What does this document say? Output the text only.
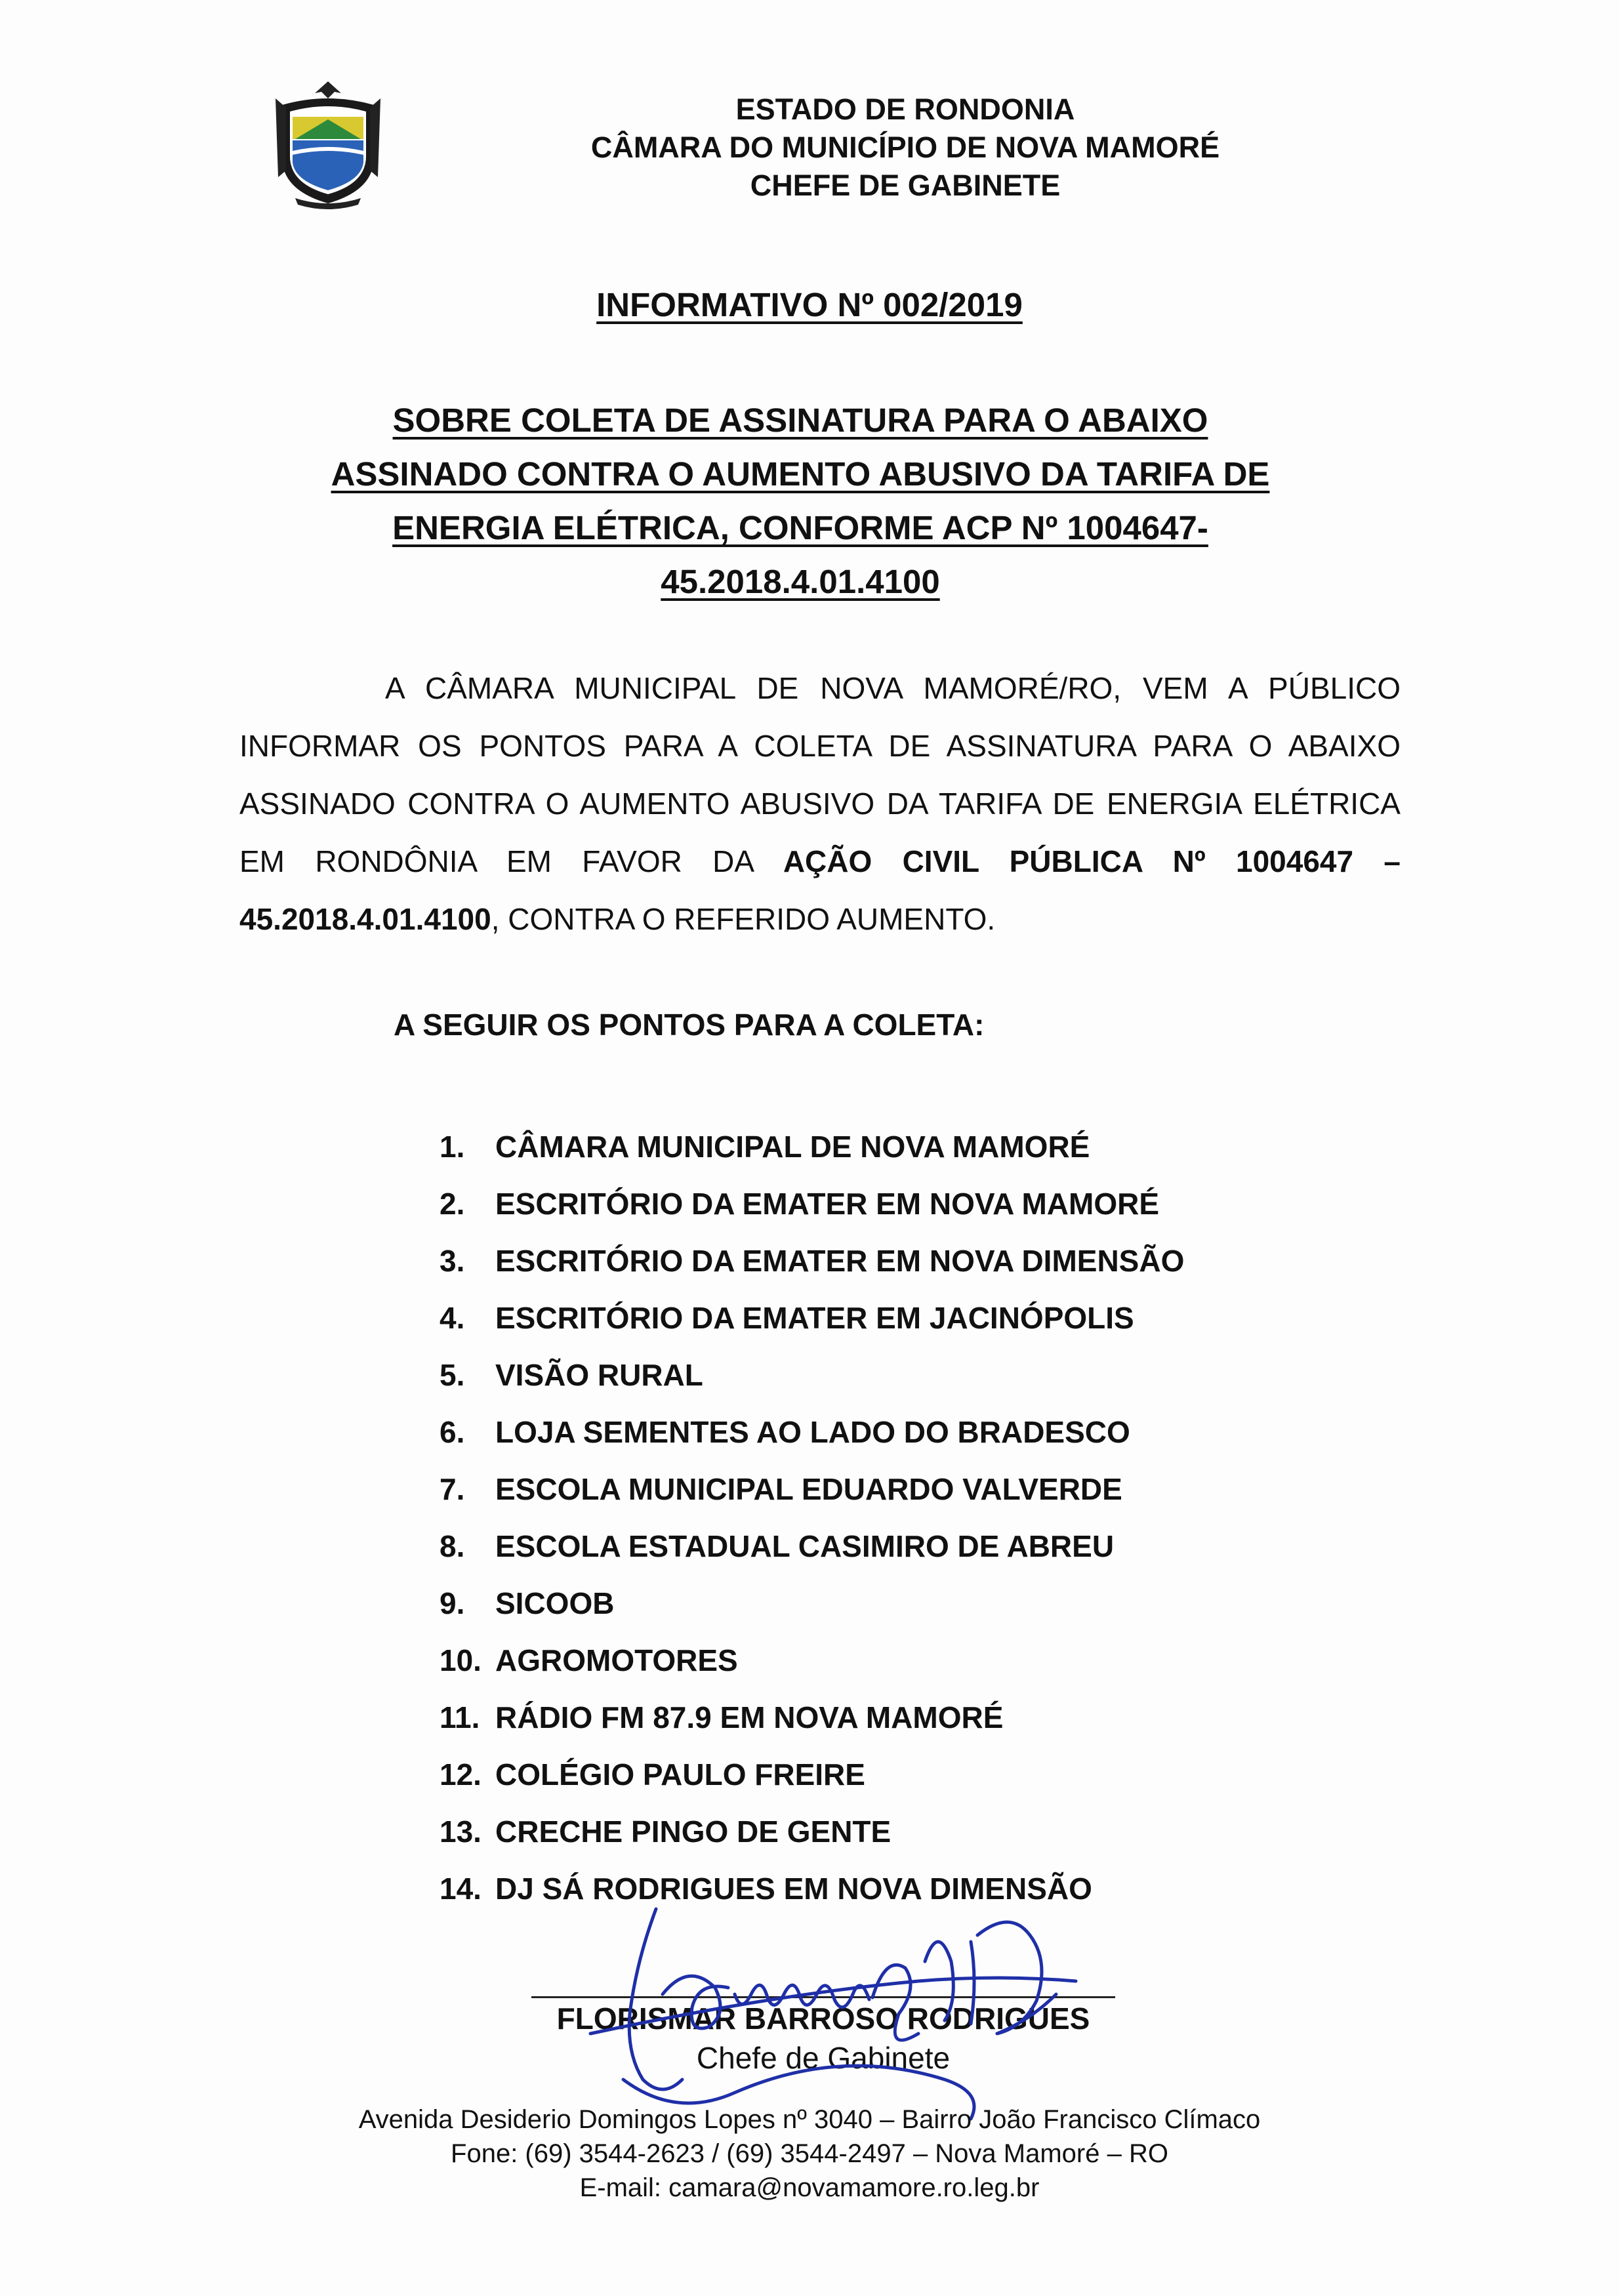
ESTADO DE RONDONIA
CÂMARA DO MUNICÍPIO DE NOVA MAMORÉ
CHEFE DE GABINETE
INFORMATIVO Nº 002/2019
SOBRE COLETA DE ASSINATURA PARA O ABAIXO
ASSINADO CONTRA O AUMENTO ABUSIVO DA TARIFA DE
ENERGIA ELÉTRICA, CONFORME ACP Nº 1004647-
45.2018.4.01.4100
A CÂMARA MUNICIPAL DE NOVA MAMORÉ/RO, VEM A PÚBLICO INFORMAR OS PONTOS PARA A COLETA DE ASSINATURA PARA O ABAIXO ASSINADO CONTRA O AUMENTO ABUSIVO DA TARIFA DE ENERGIA ELÉTRICA EM RONDÔNIA EM FAVOR DA AÇÃO CIVIL PÚBLICA Nº 1004647 – 45.2018.4.01.4100, CONTRA O REFERIDO AUMENTO.
A SEGUIR OS PONTOS PARA A COLETA:
1.	CÂMARA MUNICIPAL DE NOVA MAMORÉ
2.	ESCRITÓRIO DA EMATER EM NOVA MAMORÉ
3.	ESCRITÓRIO DA EMATER EM NOVA DIMENSÃO
4.	ESCRITÓRIO DA EMATER EM JACINÓPOLIS
5.	VISÃO RURAL
6.	LOJA SEMENTES AO LADO DO BRADESCO
7.	ESCOLA MUNICIPAL EDUARDO VALVERDE
8.	ESCOLA ESTADUAL CASIMIRO DE ABREU
9.	SICOOB
10. AGROMOTORES
11. RÁDIO FM 87.9 EM NOVA MAMORÉ
12. COLÉGIO PAULO FREIRE
13. CRECHE PINGO DE GENTE
14. DJ SÁ RODRIGUES EM NOVA DIMENSÃO
FLORISMAR BARROSO RODRIGUES
Chefe de Gabinete
Avenida Desiderio Domingos Lopes nº 3040 – Bairro João Francisco Clímaco
Fone: (69) 3544-2623 / (69) 3544-2497 – Nova Mamoré – RO
E-mail: camara@novamamore.ro.leg.br
